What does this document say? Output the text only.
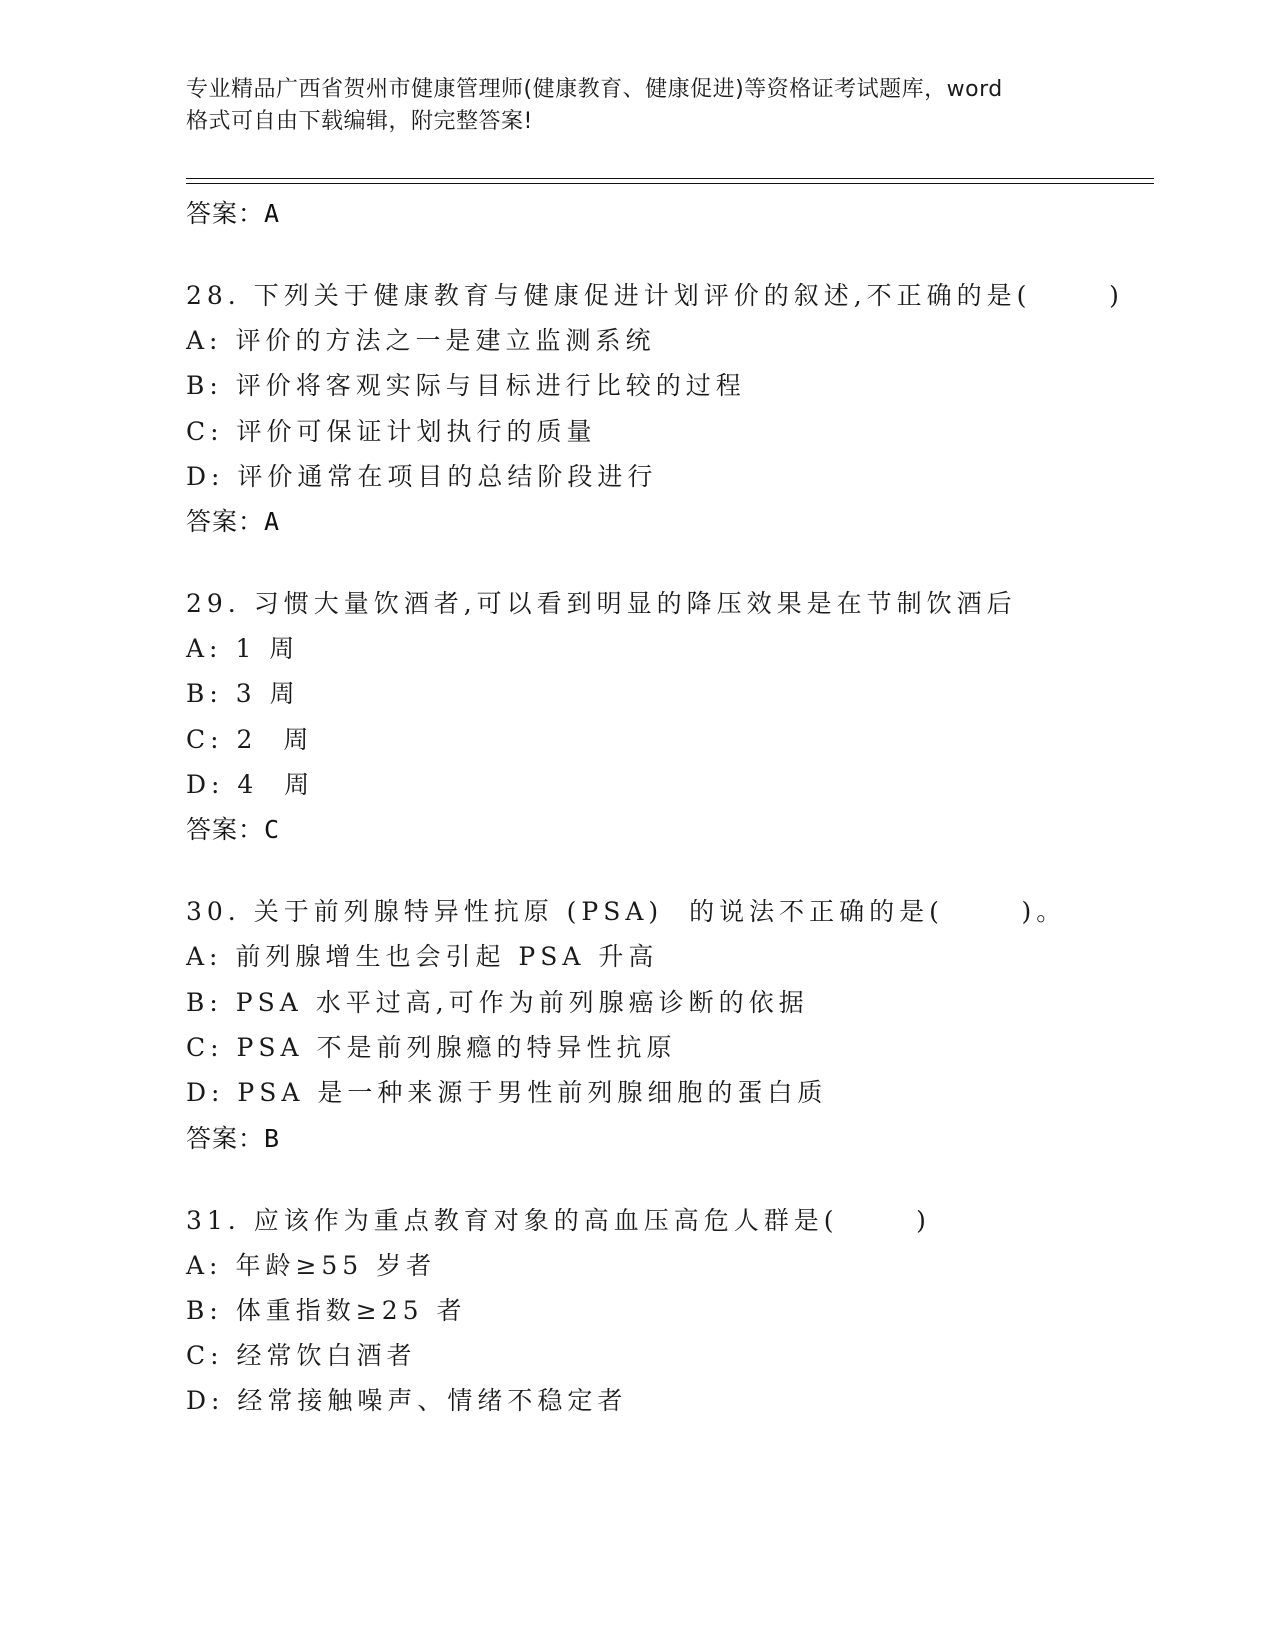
专业精品广西省贺州市健康管理师(健康教育、健康促进)等资格证考试题库，word
格式可自由下载编辑，附完整答案!
答案：A
28. 下列关于健康教育与健康促进计划评价的叙述,不正确的是(      )
A: 评价的方法之一是建立监测系统
B: 评价将客观实际与目标进行比较的过程
C: 评价可保证计划执行的质量
D: 评价通常在项目的总结阶段进行
答案：A
29. 习惯大量饮酒者,可以看到明显的降压效果是在节制饮酒后
A: 1 周
B: 3 周
C: 2  周
D: 4  周
答案：C
30. 关于前列腺特异性抗原 (PSA)  的说法不正确的是(      )。
A: 前列腺增生也会引起 PSA 升高
B: PSA 水平过高,可作为前列腺癌诊断的依据
C: PSA 不是前列腺瘾的特异性抗原
D: PSA 是一种来源于男性前列腺细胞的蛋白质
答案：B
31. 应该作为重点教育对象的高血压高危人群是(      )
A: 年龄≥55 岁者
B: 体重指数≥25 者
C: 经常饮白酒者
D: 经常接触噪声、情绪不稳定者
